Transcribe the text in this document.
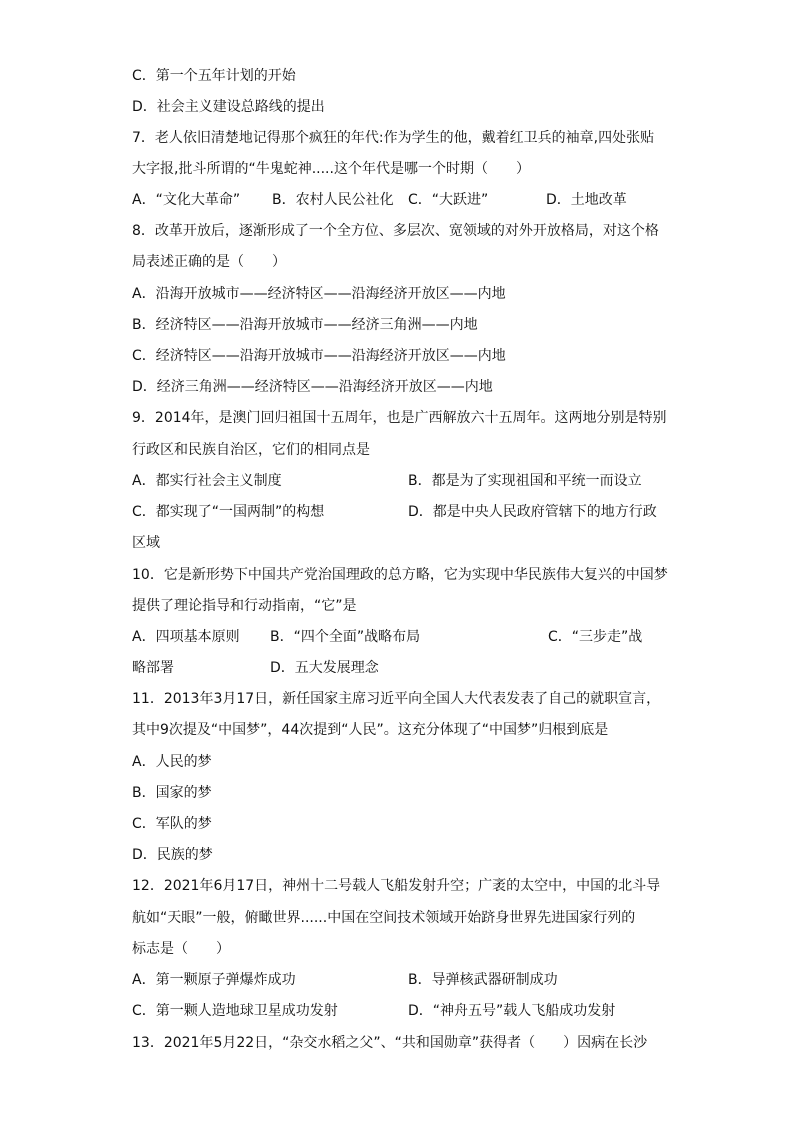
C．第一个五年计划的开始
D．社会主义建设总路线的提出
7．老人依旧清楚地记得那个疯狂的年代:作为学生的他，戴着红卫兵的袖章,四处张贴
大字报,批斗所谓的“牛鬼蛇神.....这个年代是哪一个时期（　　）
A．“文化大革命” B．农村人民公社化 C．“大跃进”	D．土地改革
8．改革开放后，逐渐形成了一个全方位、多层次、宽领域的对外开放格局，对这个格
局表述正确的是（　　）
A．沿海开放城市——经济特区——沿海经济开放区——内地
B．经济特区——沿海开放城市——经济三角洲——内地
C．经济特区——沿海开放城市——沿海经济开放区——内地
D．经济三角洲——经济特区——沿海经济开放区——内地
9．2014年，是澳门回归祖国十五周年，也是广西解放六十五周年。这两地分别是特别
行政区和民族自治区，它们的相同点是
A．都实行社会主义制度	B．都是为了实现祖国和平统一而设立
C．都实现了“一国两制”的构想	D．都是中央人民政府管辖下的地方行政
区域
10．它是新形势下中国共产党治国理政的总方略，它为实现中华民族伟大复兴的中国梦
提供了理论指导和行动指南，“它”是
A．四项基本原则 B．“四个全面”战略布局	C．“三步走”战
略部署	D．五大发展理念
11．2013年3月17日，新任国家主席习近平向全国人大代表发表了自己的就职宣言，
其中9次提及“中国梦”，44次提到“人民”。这充分体现了“中国梦”归根到底是
A．人民的梦
B．国家的梦
C．军队的梦
D．民族的梦
12．2021年6月17日，神州十二号载人飞船发射升空；广袤的太空中，中国的北斗导
航如“天眼”一般，俯瞰世界......中国在空间技术领域开始跻身世界先进国家行列的
标志是（　　）
A．第一颗原子弹爆炸成功	B．导弹核武器研制成功
C．第一颗人造地球卫星成功发射	D．“神舟五号”载人飞船成功发射
13．2021年5月22日，“杂交水稻之父”、“共和国勋章”获得者（　　）因病在长沙
